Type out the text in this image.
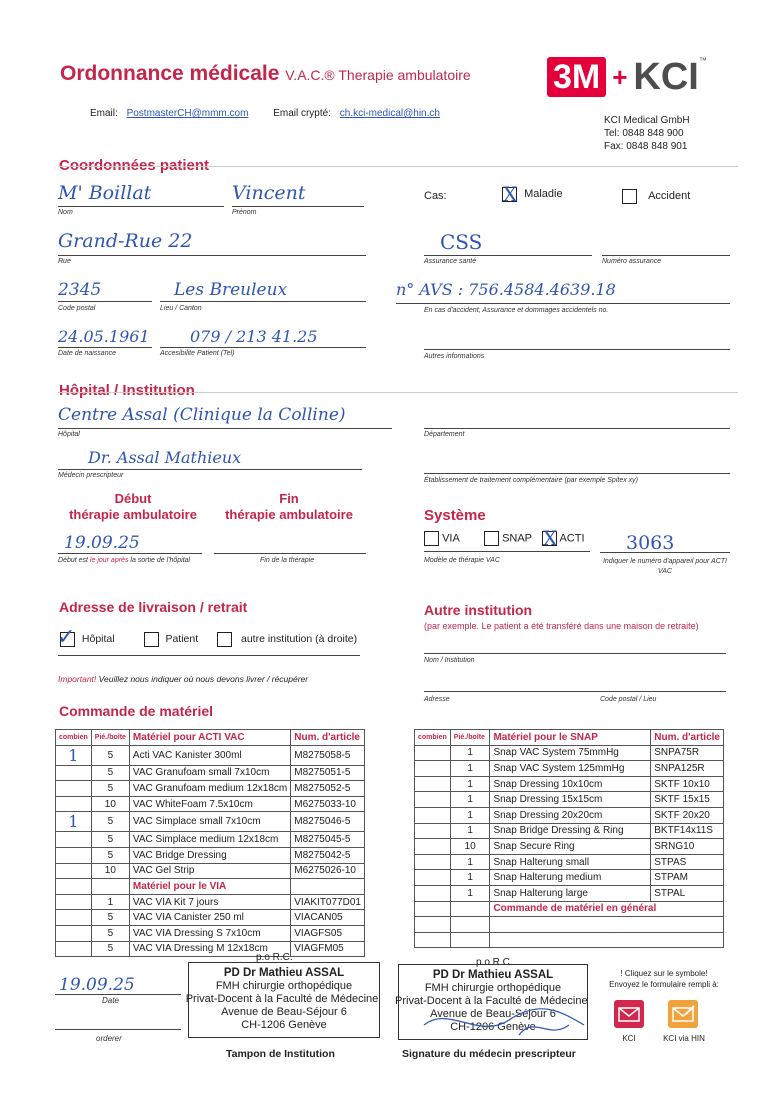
Ordonnance médicale V.A.C.® Therapie ambulatoire 3M + KCI ™
Email: PostmasterCH@mmm.com Email crypté: ch.kci-medical@hin.ch
KCI Medical GmbH
Tel: 0848 848 900
Fax: 0848 848 901
Coordonnées patient
M' Boillat
Nom
Vincent
Prénom
Grand-Rue 22
Rue
2345
Code postal
Les Breuleux
Lieu / Canton
24.05.1961
Date de naissance
079 / 213 41.25
Accesibilite Patient (Tel)
Cas:	X Maladie	Accident
CSS
Assurance santé	Numéro assurance
n° AVS : 756.4584.4639.18
En cas d'accident; Assurance et dommages accidentels no.
Autres informations
Hôpital / Institution
Centre Assal (Clinique la Colline)
Hôpital	Département
Dr. Assal Mathieux
Médecin prescripteur
Établissement de traitement complémentaire (par exemple Spitex xy)
Début
thérapie ambulatoire
Fin
thérapie ambulatoire
19.09.25
Début est le jour après la sortie de l'hôpital	Fin de la thérapie
Système
VIA	SNAP X ACTI
Modèle de thérapie VAC
3063
Indiquer le numéro d'appareil pour ACTI VAC
Adresse de livraison / retrait
✓ Hôpital	Patient	autre institution (à droite)
Important! Veuillez nous indiquer où nous devons livrer / récupérer
Autre institution
(par exemple. Le patient a été transféré dans une maison de retraite)
Nom / Institution
Adresse	Code postal / Lieu
Commande de matériel
combien	Pié./boîte	Matériel pour ACTI VAC	Num. d'article
1	5	Acti VAC Kanister 300ml	M8275058-5
	5	VAC Granufoam small 7x10cm	M8275051-5
	5	VAC Granufoam medium 12x18cm	M8275052-5
	10	VAC WhiteFoam 7.5x10cm	M6275033-10
1	5	VAC Simplace small 7x10cm	M8275046-5
	5	VAC Simplace medium 12x18cm	M8275045-5
	5	VAC Bridge Dressing	M8275042-5
	10	VAC Gel Strip	M6275026-10
		Matériel pour le VIA	
	1	VAC VIA Kit 7 jours	VIAKIT077D01
	5	VAC VIA Canister 250 ml	VIACAN05
	5	VAC VIA Dressing S 7x10cm	VIAGFS05
	5	VAC VIA Dressing M 12x18cm	VIAGFM05
combien	Pié./boîte	Matériel pour le SNAP	Num. d'article
	1	Snap VAC System 75mmHg	SNPA75R
	1	Snap VAC System 125mmHg	SNPA125R
	1	Snap Dressing 10x10cm	SKTF 10x10
	1	Snap Dressing 15x15cm	SKTF 15x15
	1	Snap Dressing 20x20cm	SKTF 20x20
	1	Snap Bridge Dressing & Ring	BKTF14x11S
	10	Snap Secure Ring	SRNG10
	1	Snap Halterung small	STPAS
	1	Snap Halterung medium	STPAM
	1	Snap Halterung large	STPAL
		Commande de matériel en général	

19.09.25
Date
orderer
p.o R.C.
PD Dr Mathieu ASSAL
FMH chirurgie orthopédique
Privat-Docent à la Faculté de Médecine
Avenue de Beau-Séjour 6
CH-1206 Genève
Tampon de Institution
p.o R.C.
PD Dr Mathieu ASSAL
FMH chirurgie orthopédique
Privat-Docent à la Faculté de Médecine
Avenue de Beau-Séjour 6
CH-1206 Genève
Signature du médecin prescripteur
! Cliquez sur le symbole!
Envoyez le formulaire rempli à:
KCI	KCI via HIN
